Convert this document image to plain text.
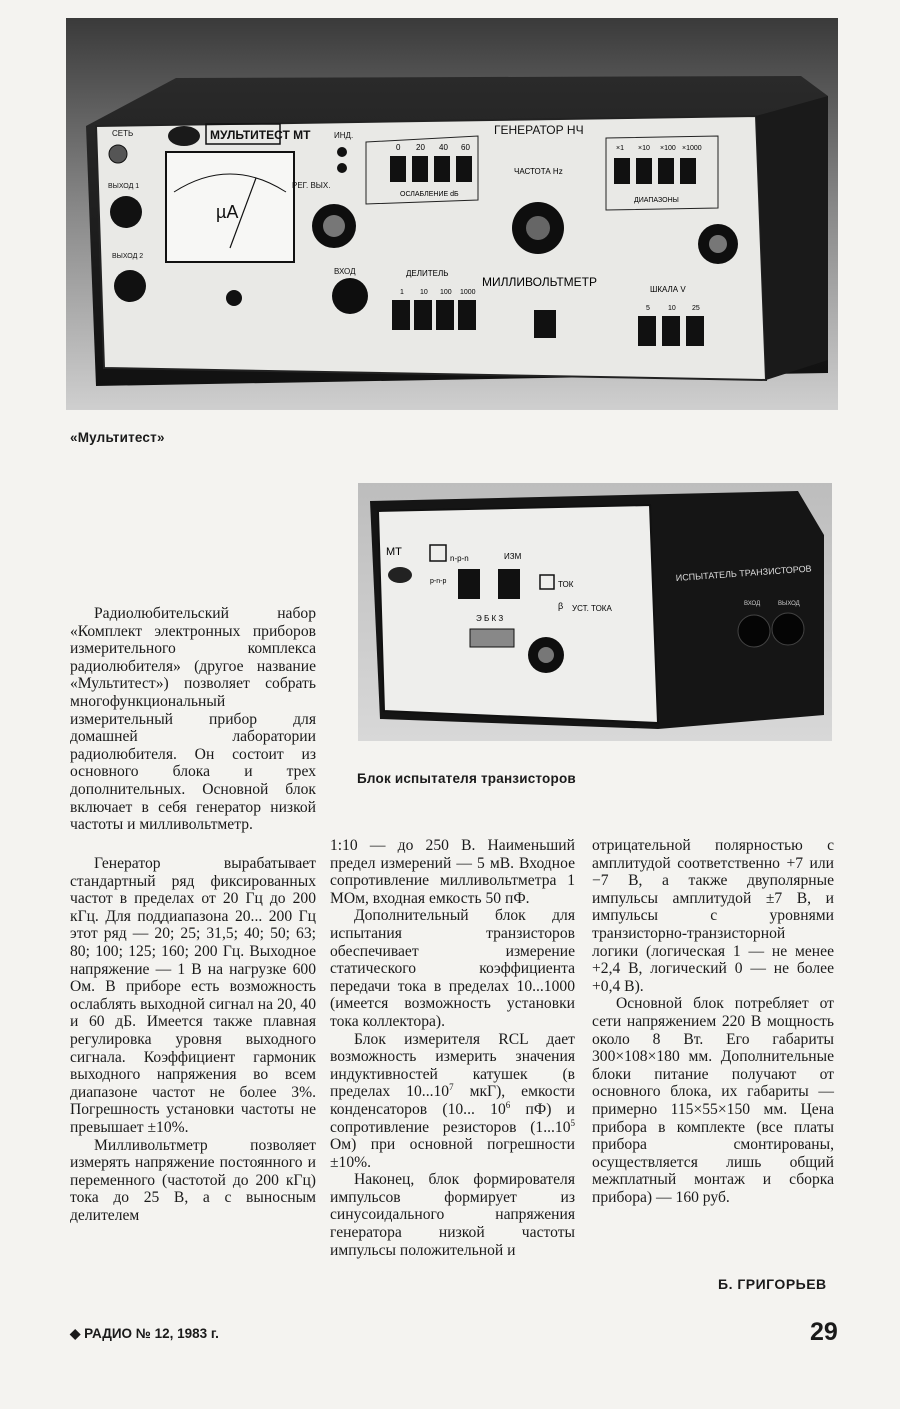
МУЛЬТИТЕСТ МТ
СЕТЬ
ВЫХОД 1
ВЫХОД 2
µА
ИНД.
РЕГ. ВЫХ.
ВХОД
ГЕНЕРАТОР НЧ
0 20 40 60
ОСЛАБЛЕНИЕ dБ
ЧАСТОТА Hz
×1 ×10 ×100 ×1000
ДИАПАЗОНЫ
МИЛЛИВОЛЬТМЕТР
ДЕЛИТЕЛЬ
1 10 100 1000	ШКАЛА V
5	10 25
«Мультитест»
МТ
n-p-n
p-n-p
ИЗМ
ТОК
β УСТ. ТОКА
Э Б К З
ИСПЫТАТЕЛЬ ТРАНЗИСТОРОВ
ВХОД	ВЫХОД
Блок испытателя транзисторов

Радиолюбительский набор «Комплект электронных приборов измерительного комплекса радиолюбителя» (другое название «Мультитест») позволяет собрать многофункциональный измерительный прибор для домашней лаборатории радиолюбителя. Он состоит из основного блока и трех дополнительных. Основной блок включает в себя генератор низкой частоты и милливольтметр.

Генератор вырабатывает стандартный ряд фиксированных частот в пределах от 20 Гц до 200 кГц. Для поддиапазона 20... 200 Гц этот ряд — 20; 25; 31,5; 40; 50; 63; 80; 100; 125; 160; 200 Гц. Выходное напряжение — 1 В на нагрузке 600 Ом. В приборе есть возможность ослаблять выходной сигнал на 20, 40 и 60 дБ. Имеется также плавная регулировка уровня выходного сигнала. Коэффициент гармоник выходного напряжения во всем диапазоне частот не более 3%. Погрешность установки частоты не превышает ±10%.

Милливольтметр позволяет измерять напряжение постоянного и переменного (частотой до 200 кГц) тока до 25 В, а с выносным делителем

1:10 — до 250 В. Наименьший предел измерений — 5 мВ. Входное сопротивление милливольтметра 1 МОм, входная емкость 50 пФ.

Дополнительный блок для испытания транзисторов обеспечивает измерение статического коэффициента передачи тока в пределах 10...1000 (имеется возможность установки тока коллектора).

Блок измерителя RCL дает возможность измерить значения индуктивностей катушек (в пределах 10...10$^7$ мкГ), емкости конденсаторов (10... $10^6$ пФ) и сопротивление резисторов (1...10$^5$ Ом) при основной погрешности ±10%.

Наконец, блок формирователя импульсов формирует из синусоидального напряжения генератора низкой частоты импульсы положительной и

отрицательной полярностью с амплитудой соответственно +7 или −7 В, а также двуполярные импульсы амплитудой ±7 В, и импульсы с уровнями транзисторно-транзисторной логики (логическая 1 — не менее +2,4 В, логический 0 — не более +0,4 В).

Основной блок потребляет от сети напряжением 220 В мощность около 8 Вт. Его габариты 300×108×180 мм. Дополнительные блоки питание получают от основного блока, их габариты — примерно 115×55×150 мм. Цена прибора в комплекте (все платы прибора смонтированы, осуществляется лишь общий межплатный монтаж и сборка прибора) — 160 руб.

Б. ГРИГОРЬЕВ
◆ РАДИО № 12, 1983 г.	29
